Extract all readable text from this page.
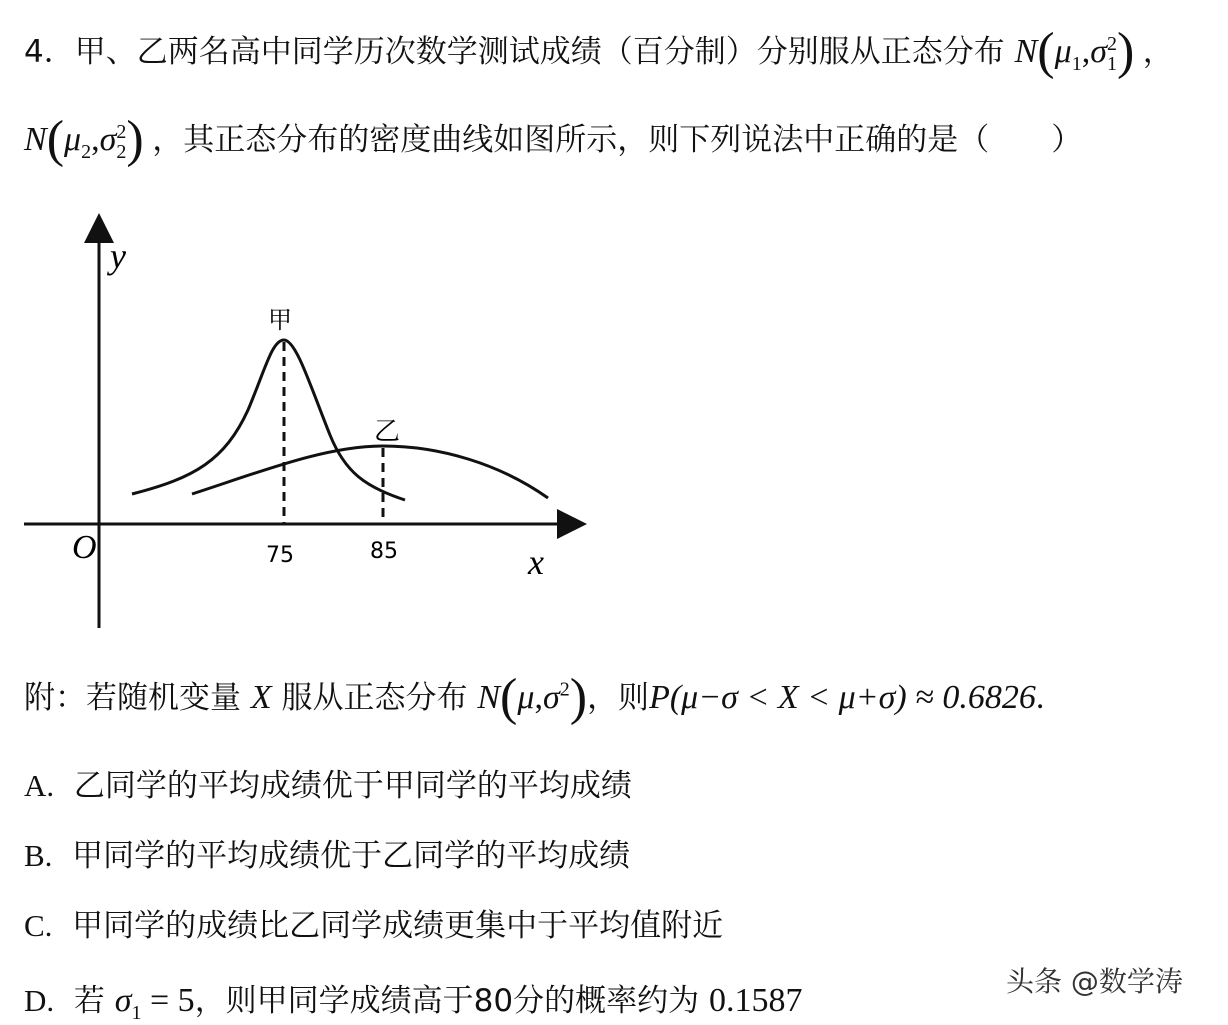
4．甲、乙两名高中同学历次数学测试成绩（百分制）分别服从正态分布 $N(\mu_1,\sigma$ 2
1 ) ，
$N(\mu_2,\sigma$ 2
2 ) ，其正态分布的密度曲线如图所示，则下列说法中正确的是（　　）
y
x
O
甲
乙
75	85
附：若随机变量 X 服从正态分布 $N(\mu,\sigma^2)$，则P(μ−σ < X < μ+σ) ≈ 0.6826.
A. 乙同学的平均成绩优于甲同学的平均成绩
B. 甲同学的平均成绩优于乙同学的平均成绩
C. 甲同学的成绩比乙同学成绩更集中于平均值附近
D. 若 $\sigma_1 = 5$，则甲同学成绩高于80分的概率约为 0.1587
头条 @数学涛
